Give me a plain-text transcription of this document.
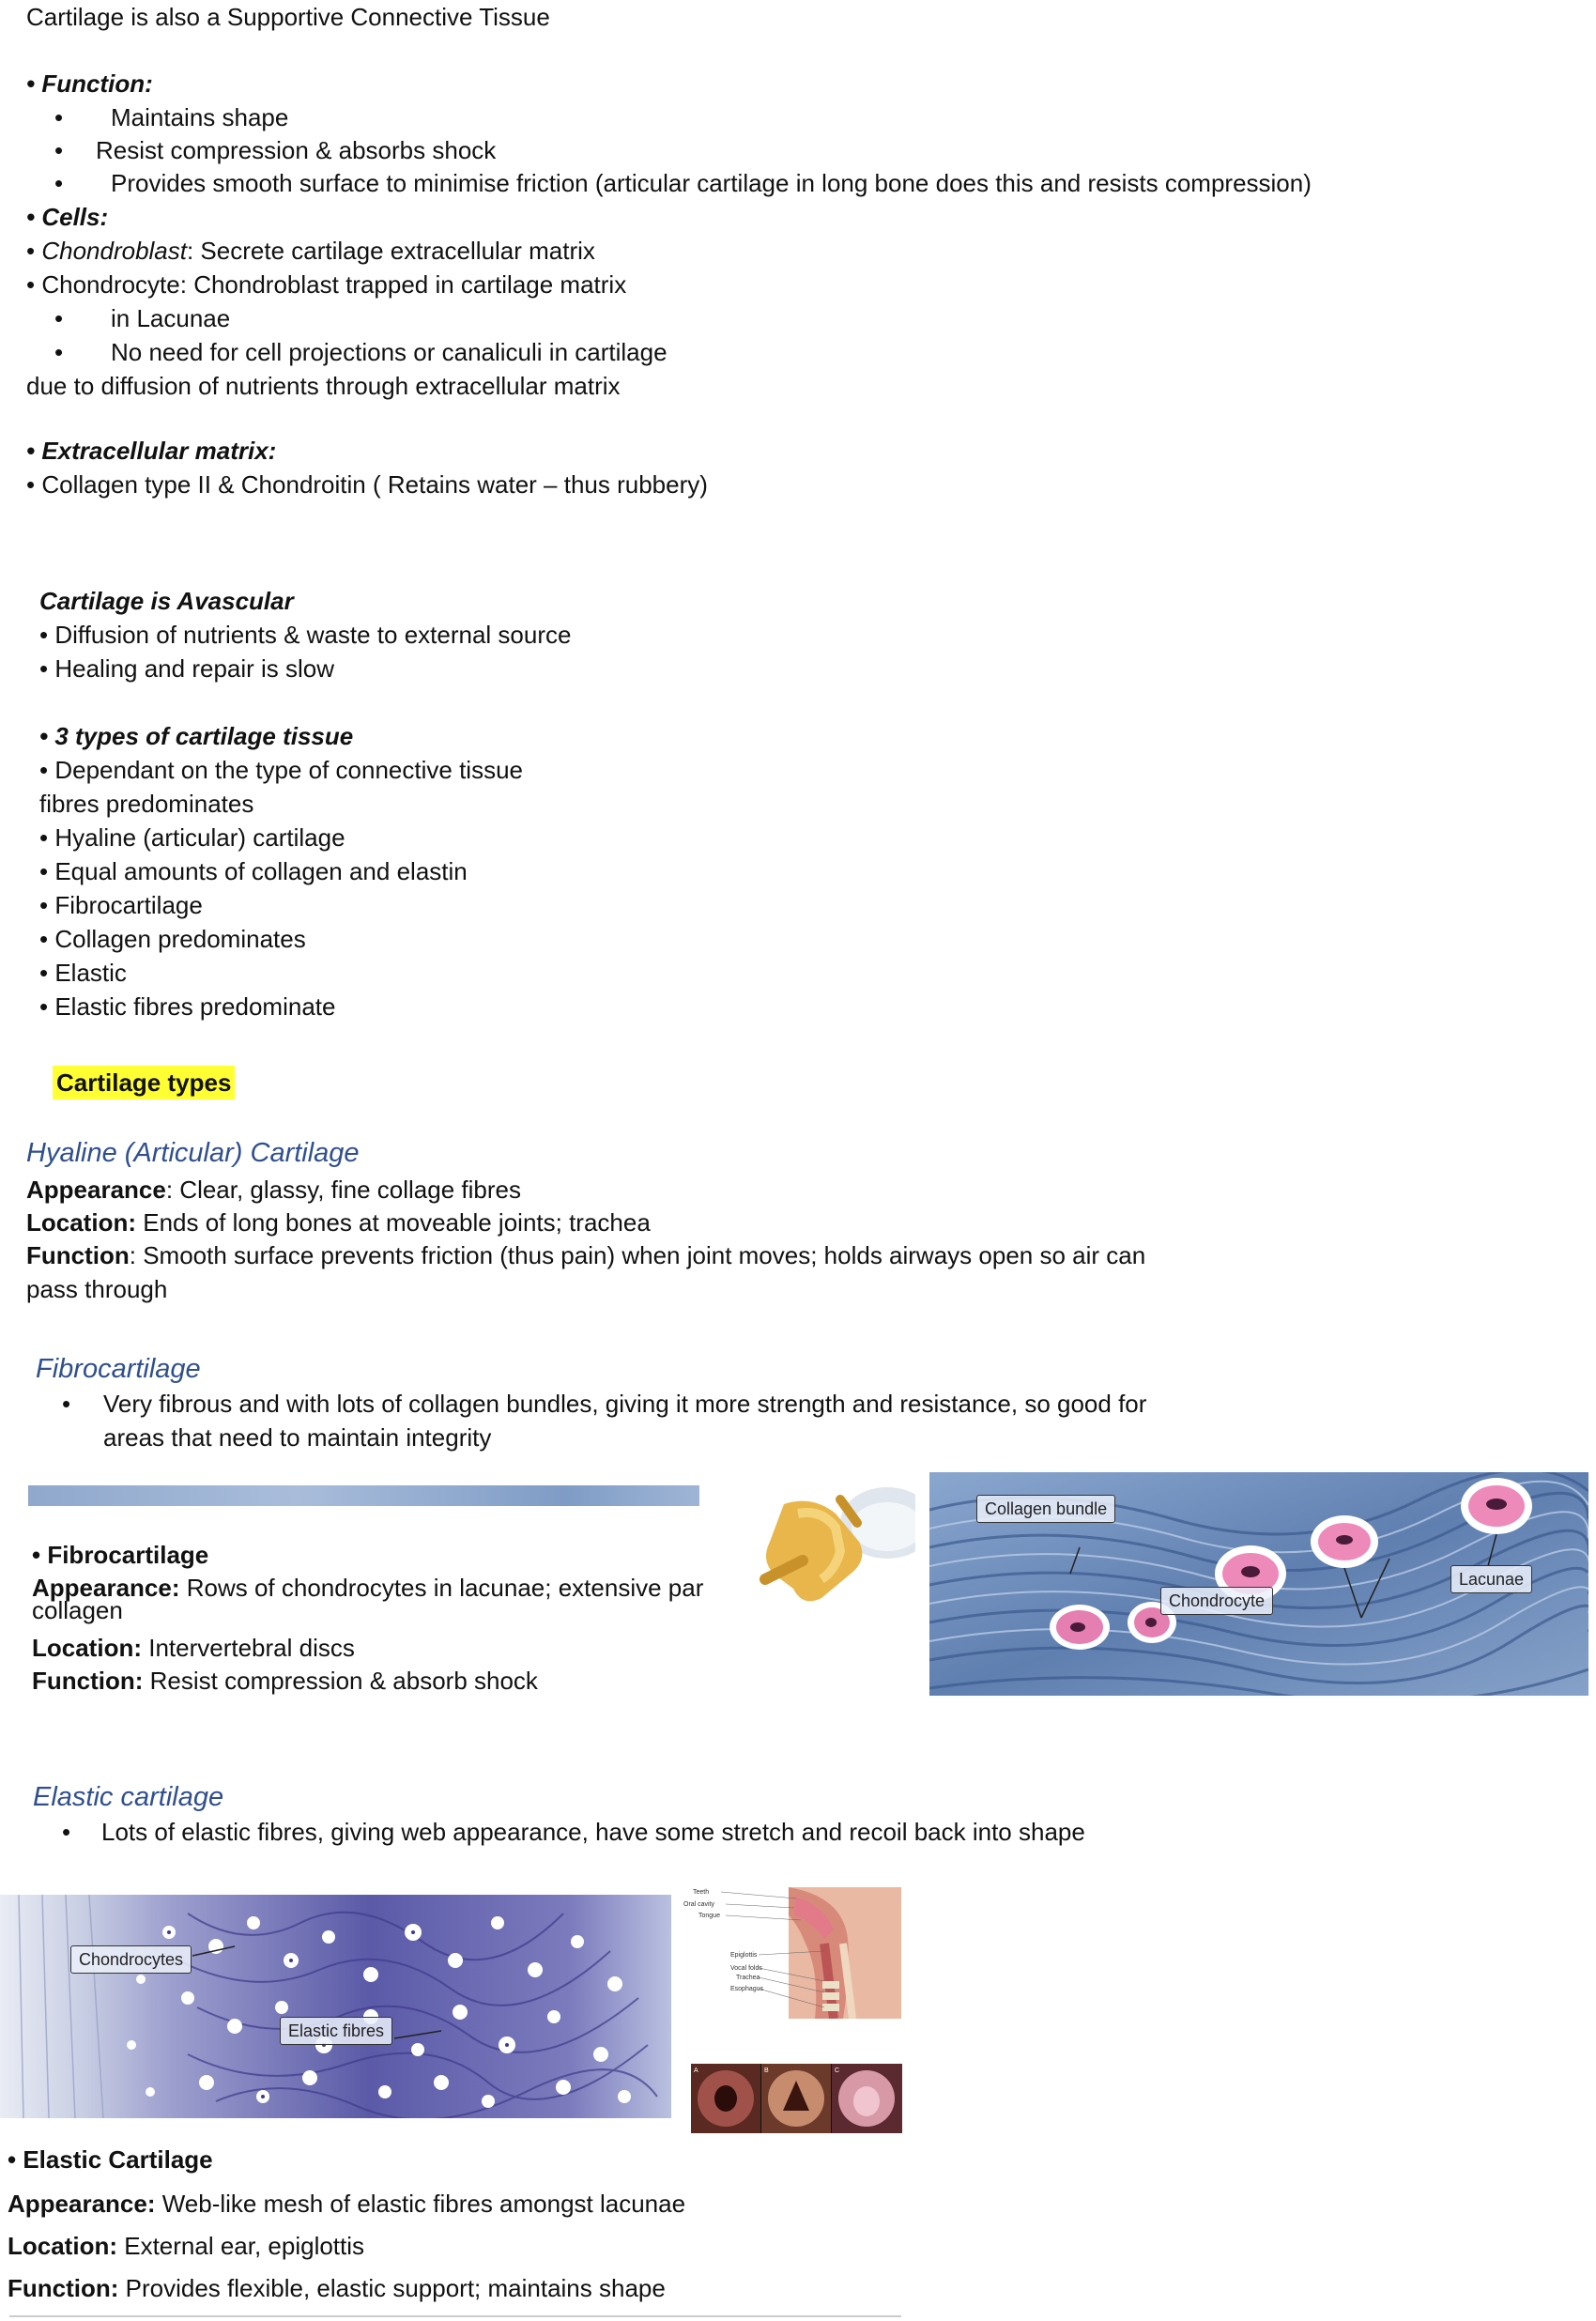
Cartilage is also a Supportive Connective Tissue
• Function:
• Maintains shape
• Resist compression & absorbs shock
• Provides smooth surface to minimise friction (articular cartilage in long bone does this and resists compression)
• Cells:
• Chondroblast: Secrete cartilage extracellular matrix
• Chondrocyte: Chondroblast trapped in cartilage matrix
• in Lacunae
• No need for cell projections or canaliculi in cartilage
due to diffusion of nutrients through extracellular matrix
• Extracellular matrix:
• Collagen type II & Chondroitin ( Retains water – thus rubbery)
Cartilage is Avascular
• Diffusion of nutrients & waste to external source
• Healing and repair is slow
• 3 types of cartilage tissue
• Dependant on the type of connective tissue
fibres predominates
• Hyaline (articular) cartilage
• Equal amounts of collagen and elastin
• Fibrocartilage
• Collagen predominates
• Elastic
• Elastic fibres predominate
Cartilage types
Hyaline (Articular) Cartilage
Appearance: Clear, glassy, fine collage fibres
Location: Ends of long bones at moveable joints; trachea
Function: Smooth surface prevents friction (thus pain) when joint moves; holds airways open so air can
pass through
Fibrocartilage
• Very fibrous and with lots of collagen bundles, giving it more strength and resistance, so good for
areas that need to maintain integrity
• Fibrocartilage
Appearance: Rows of chondrocytes in lacunae; extensive par
collagen
Location: Intervertebral discs
Function: Resist compression & absorb shock
Collagen bundle
Chondrocyte
Lacunae
Elastic cartilage
• Lots of elastic fibres, giving web appearance, have some stretch and recoil back into shape
Chondrocytes
Elastic fibres
Teeth
Oral cavity
Tongue
Epiglottis
Vocal folds
Trachea
Esophagus
A	B	C
• Elastic Cartilage
Appearance: Web-like mesh of elastic fibres amongst lacunae
Location: External ear, epiglottis
Function: Provides flexible, elastic support; maintains shape
